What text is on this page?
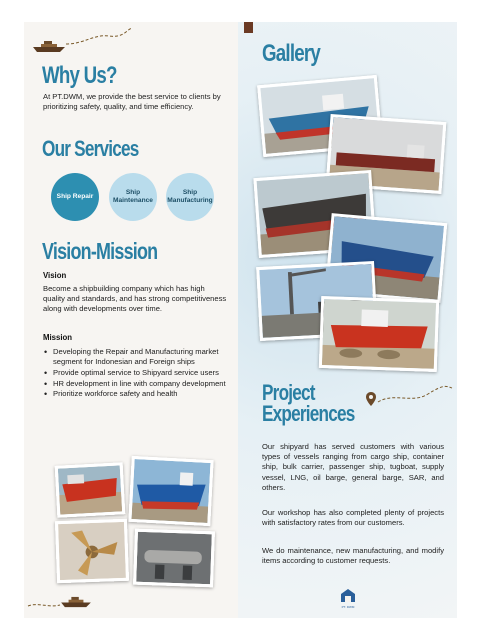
Why Us?
At PT.DWM, we provide the best service to clients by prioritizing safety, quality, and time efficiency.
Our Services
Ship Repair
Ship Maintenance
Ship Manufacturing
Vision-Mission
Vision
Become a shipbuilding company which has high quality and standards, and has strong competitiveness along with developments over time.
Mission
• Developing the Repair and Manufacturing market segment for Indonesian and Foreign ships
• Provide optimal service to Shipyard service users
• HR development in line with company development
• Prioritize workforce safety and health
Gallery
Project
Experiences
Our shipyard has served customers with various types of vessels ranging from cargo ship, container ship, bulk carrier, passenger ship, tugboat, supply vessel, LNG, oil barge, general barge, SAR, and others.
Our workshop has also completed plenty of projects with satisfactory rates from our customers.
We do maintenance, new manufacturing, and modify items according to customer requests.
PT. DWM
